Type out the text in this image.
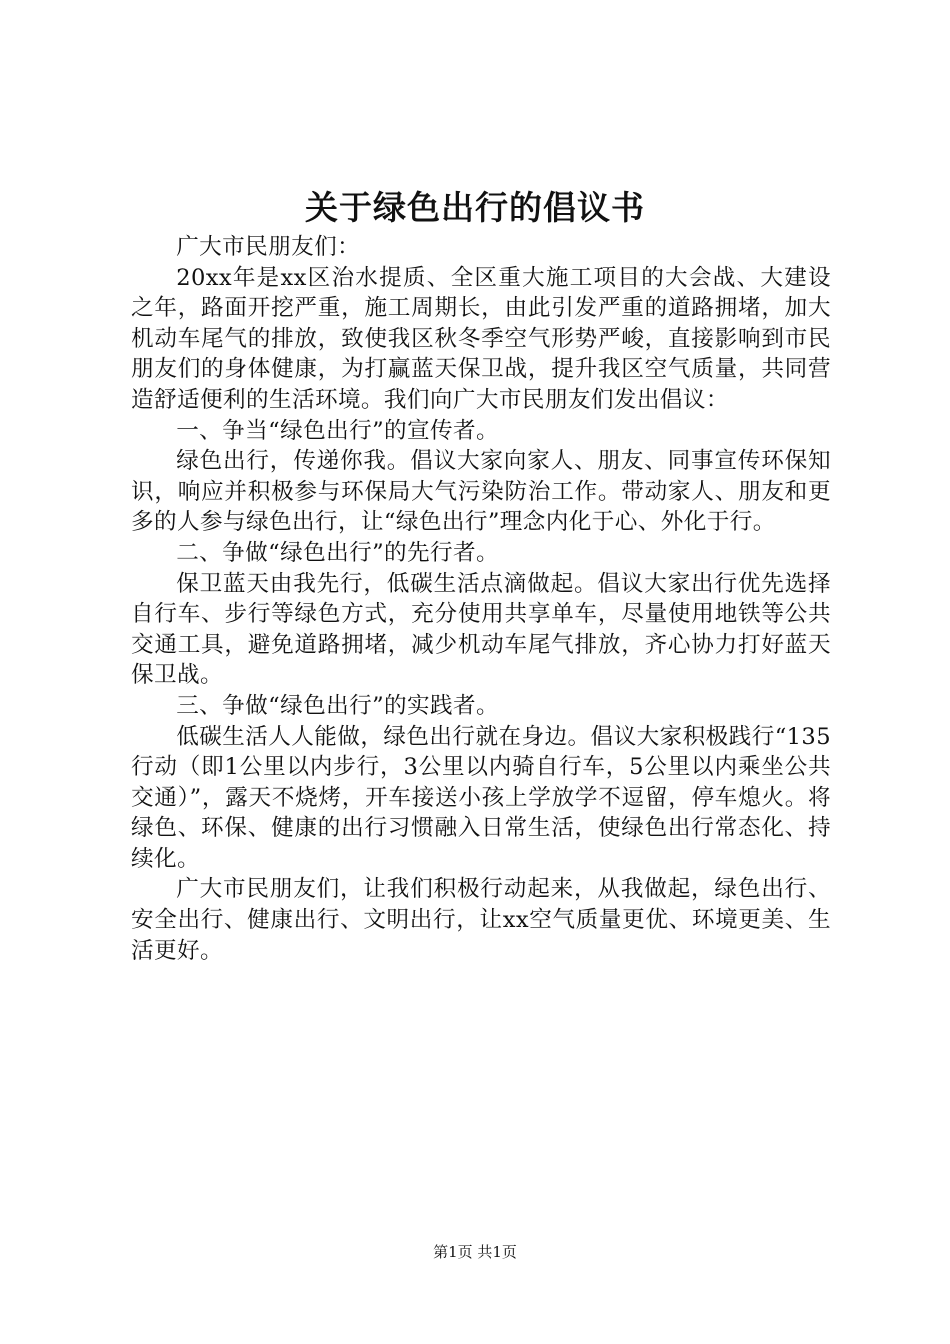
关于绿色出行的倡议书

广大市民朋友们：

20xx年是xx区治水提质、全区重大施工项目的大会战、大建设之年，路面开挖严重，施工周期长，由此引发严重的道路拥堵，加大机动车尾气的排放，致使我区秋冬季空气形势严峻，直接影响到市民朋友们的身体健康，为打赢蓝天保卫战，提升我区空气质量，共同营造舒适便利的生活环境。我们向广大市民朋友们发出倡议：

一、争当“绿色出行”的宣传者。

绿色出行，传递你我。倡议大家向家人、朋友、同事宣传环保知识，响应并积极参与环保局大气污染防治工作。带动家人、朋友和更多的人参与绿色出行，让“绿色出行”理念内化于心、外化于行。

二、争做“绿色出行”的先行者。

保卫蓝天由我先行，低碳生活点滴做起。倡议大家出行优先选择自行车、步行等绿色方式，充分使用共享单车，尽量使用地铁等公共交通工具，避免道路拥堵，减少机动车尾气排放，齐心协力打好蓝天保卫战。

三、争做“绿色出行”的实践者。

低碳生活人人能做，绿色出行就在身边。倡议大家积极践行“135行动（即1公里以内步行，3公里以内骑自行车，5公里以内乘坐公共交通）”，露天不烧烤，开车接送小孩上学放学不逗留，停车熄火。将绿色、环保、健康的出行习惯融入日常生活，使绿色出行常态化、持续化。

广大市民朋友们，让我们积极行动起来，从我做起，绿色出行、安全出行、健康出行、文明出行，让xx空气质量更优、环境更美、生活更好。

第1页 共1页
